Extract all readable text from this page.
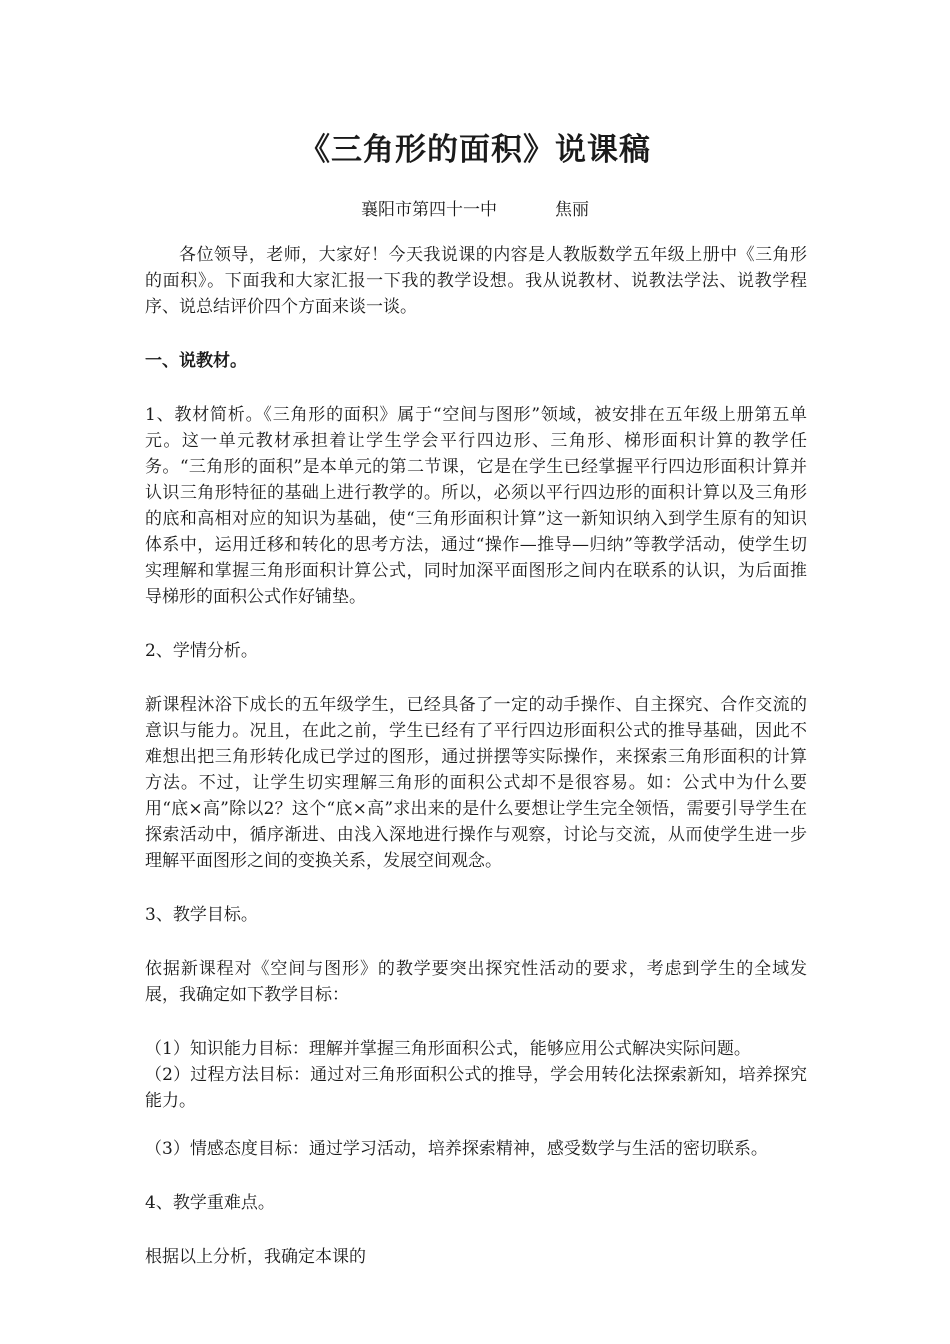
《三角形的面积》说课稿
襄阳市第四十一中	焦丽

各位领导，老师，大家好！今天我说课的内容是人教版数学五年级上册中《三角形的面积》。下面我和大家汇报一下我的教学设想。我从说教材、说教法学法、说教学程序、说总结评价四个方面来谈一谈。

一、说教材。

1、教材简析。《三角形的面积》属于“空间与图形”领域，被安排在五年级上册第五单元。这一单元教材承担着让学生学会平行四边形、三角形、梯形面积计算的教学任务。“三角形的面积”是本单元的第二节课，它是在学生已经掌握平行四边形面积计算并认识三角形特征的基础上进行教学的。所以，必须以平行四边形的面积计算以及三角形的底和高相对应的知识为基础，使“三角形面积计算”这一新知识纳入到学生原有的知识体系中，运用迁移和转化的思考方法，通过“操作—推导—归纳”等教学活动，使学生切实理解和掌握三角形面积计算公式，同时加深平面图形之间内在联系的认识，为后面推导梯形的面积公式作好铺垫。

2、学情分析。

新课程沐浴下成长的五年级学生，已经具备了一定的动手操作、自主探究、合作交流的意识与能力。况且，在此之前，学生已经有了平行四边形面积公式的推导基础，因此不难想出把三角形转化成已学过的图形，通过拼摆等实际操作，来探索三角形面积的计算方法。不过，让学生切实理解三角形的面积公式却不是很容易。如：公式中为什么要用“底×高”除以2？这个“底×高”求出来的是什么要想让学生完全领悟，需要引导学生在探索活动中，循序渐进、由浅入深地进行操作与观察，讨论与交流，从而使学生进一步理解平面图形之间的变换关系，发展空间观念。

3、教学目标。

依据新课程对《空间与图形》的教学要突出探究性活动的要求，考虑到学生的全域发展，我确定如下教学目标：

（1）知识能力目标：理解并掌握三角形面积公式，能够应用公式解决实际问题。

（2）过程方法目标：通过对三角形面积公式的推导，学会用转化法探索新知，培养探究能力。

（3）情感态度目标：通过学习活动，培养探索精神，感受数学与生活的密切联系。

4、教学重难点。

根据以上分析，我确定本课的
